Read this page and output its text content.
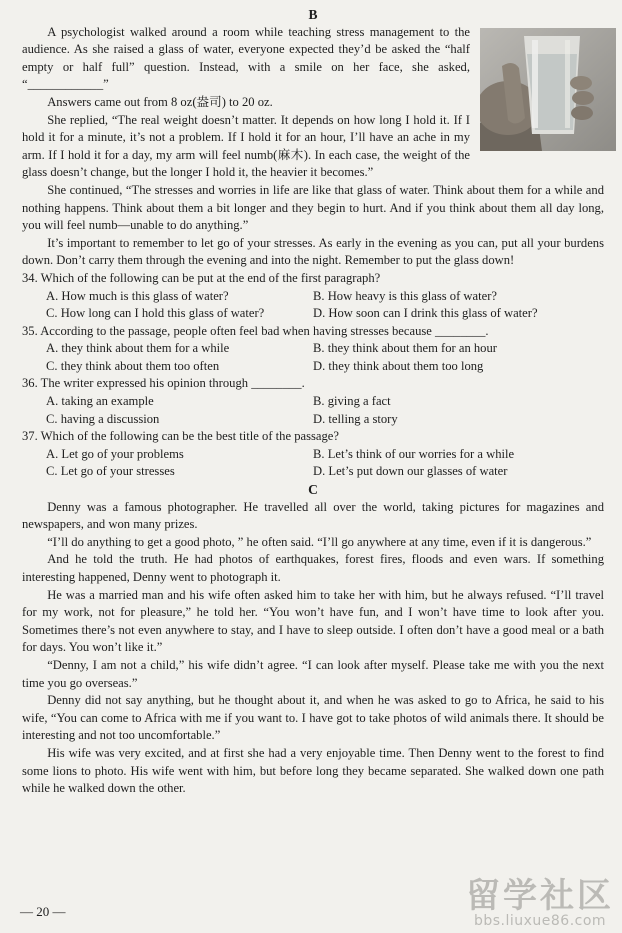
B

A psychologist walked around a room while teaching stress management to the audience. As she raised a glass of water, everyone expected they’d be asked the “half empty or half full” question. Instead, with a smile on her face, she asked, “____________”

Answers came out from 8 oz(盎司) to 20 oz.

She replied, “The real weight doesn’t matter. It depends on how long I hold it. If I hold it for a minute, it’s not a problem. If I hold it for an hour, I’ll have an ache in my arm. If I hold it for a day, my arm will feel numb(麻木). In each case, the weight of the glass doesn’t change, but the longer I hold it, the heavier it becomes.”

She continued, “The stresses and worries in life are like that glass of water. Think about them for a while and nothing happens. Think about them a bit longer and they begin to hurt. And if you think about them all day long, you will feel numb—unable to do anything.”

It’s important to remember to let go of your stresses. As early in the evening as you can, put all your burdens down. Don’t carry them through the evening and into the night. Remember to put the glass down!

34. Which of the following can be put at the end of the first paragraph?
A. How much is this glass of water?	B. How heavy is this glass of water?
C. How long can I hold this glass of water?	D. How soon can I drink this glass of water?
35. According to the passage, people often feel bad when having stresses because ________.
A. they think about them for a while	B. they think about them for an hour
C. they think about them too often	D. they think about them too long
36. The writer expressed his opinion through ________.
A. taking an example	B. giving a fact
C. having a discussion	D. telling a story
37. Which of the following can be the best title of the passage?
A. Let go of your problems	B. Let’s think of our worries for a while
C. Let go of your stresses	D. Let’s put down our glasses of water
C

Denny was a famous photographer. He travelled all over the world, taking pictures for magazines and newspapers, and won many prizes.

“I’ll do anything to get a good photo, ” he often said. “I’ll go anywhere at any time, even if it is dangerous.”

And he told the truth. He had photos of earthquakes, forest fires, floods and even wars. If something interesting happened, Denny went to photograph it.

He was a married man and his wife often asked him to take her with him, but he always refused. “I’ll travel for my work, not for pleasure,” he told her. “You won’t have fun, and I won’t have time to look after you. Sometimes there’s not even anywhere to stay, and I have to sleep outside. I often don’t have a good meal or a bath for days. You won’t like it.”

“Denny, I am not a child,” his wife didn’t agree. “I can look after myself. Please take me with you the next time you go overseas.”

Denny did not say anything, but he thought about it, and when he was asked to go to Africa, he said to his wife, “You can come to Africa with me if you want to. I have got to take photos of wild animals there. It should be interesting and not too uncomfortable.”

His wife was very excited, and at first she had a very enjoyable time. Then Denny went to the forest to find some lions to photo. His wife went with him, but before long they became separated. She walked down one path while he walked down the other.

— 20 —	留学社区
bbs.liuxue86.com
